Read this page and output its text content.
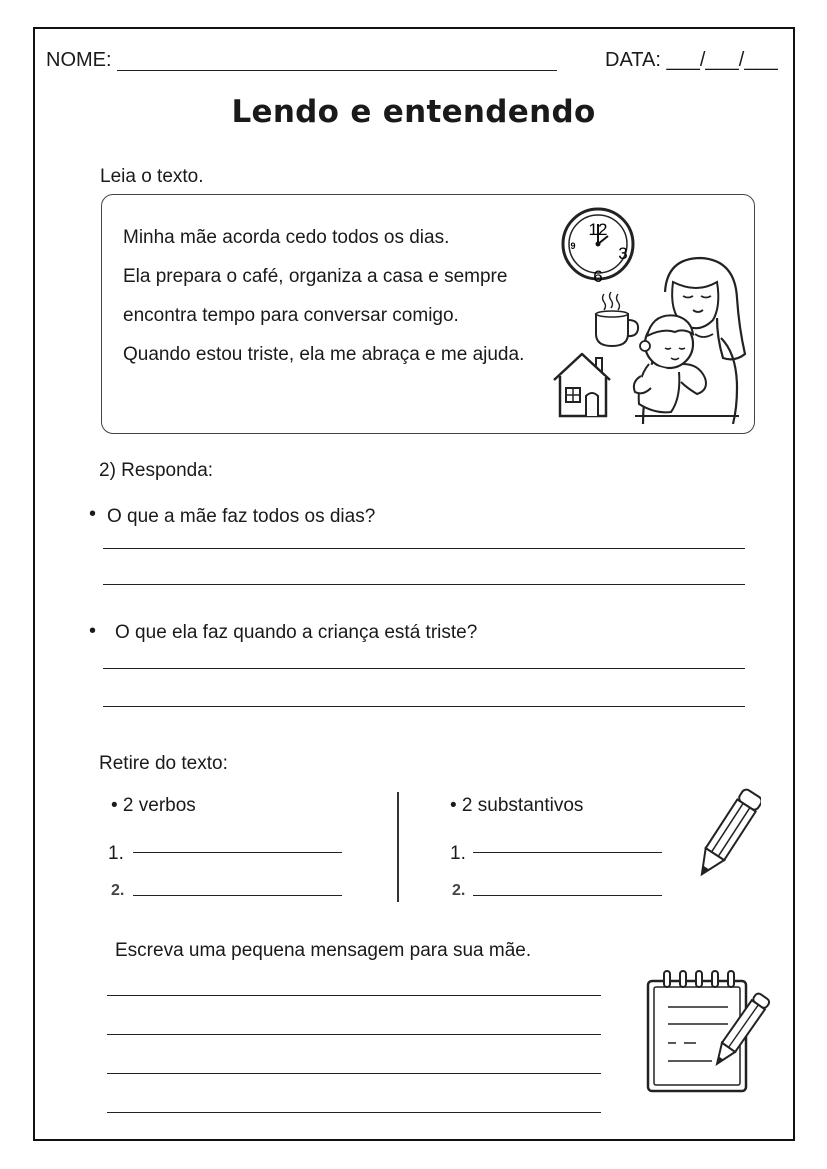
NOME:	DATA: ___/___/___
Lendo e entendendo
Leia o texto.
Minha mãe acorda cedo todos os dias.
Ela prepara o café, organiza a casa e sempre
encontra tempo para conversar comigo.
Quando estou triste, ela me abraça e me ajuda.
12
3
6
9
2) Responda:
• O que a mãe faz todos os dias?
• O que ela faz quando a criança está triste?
Retire do texto:
• 2 verbos
1.
2.
• 2 substantivos
1.
2.
Escreva uma pequena mensagem para sua mãe.
